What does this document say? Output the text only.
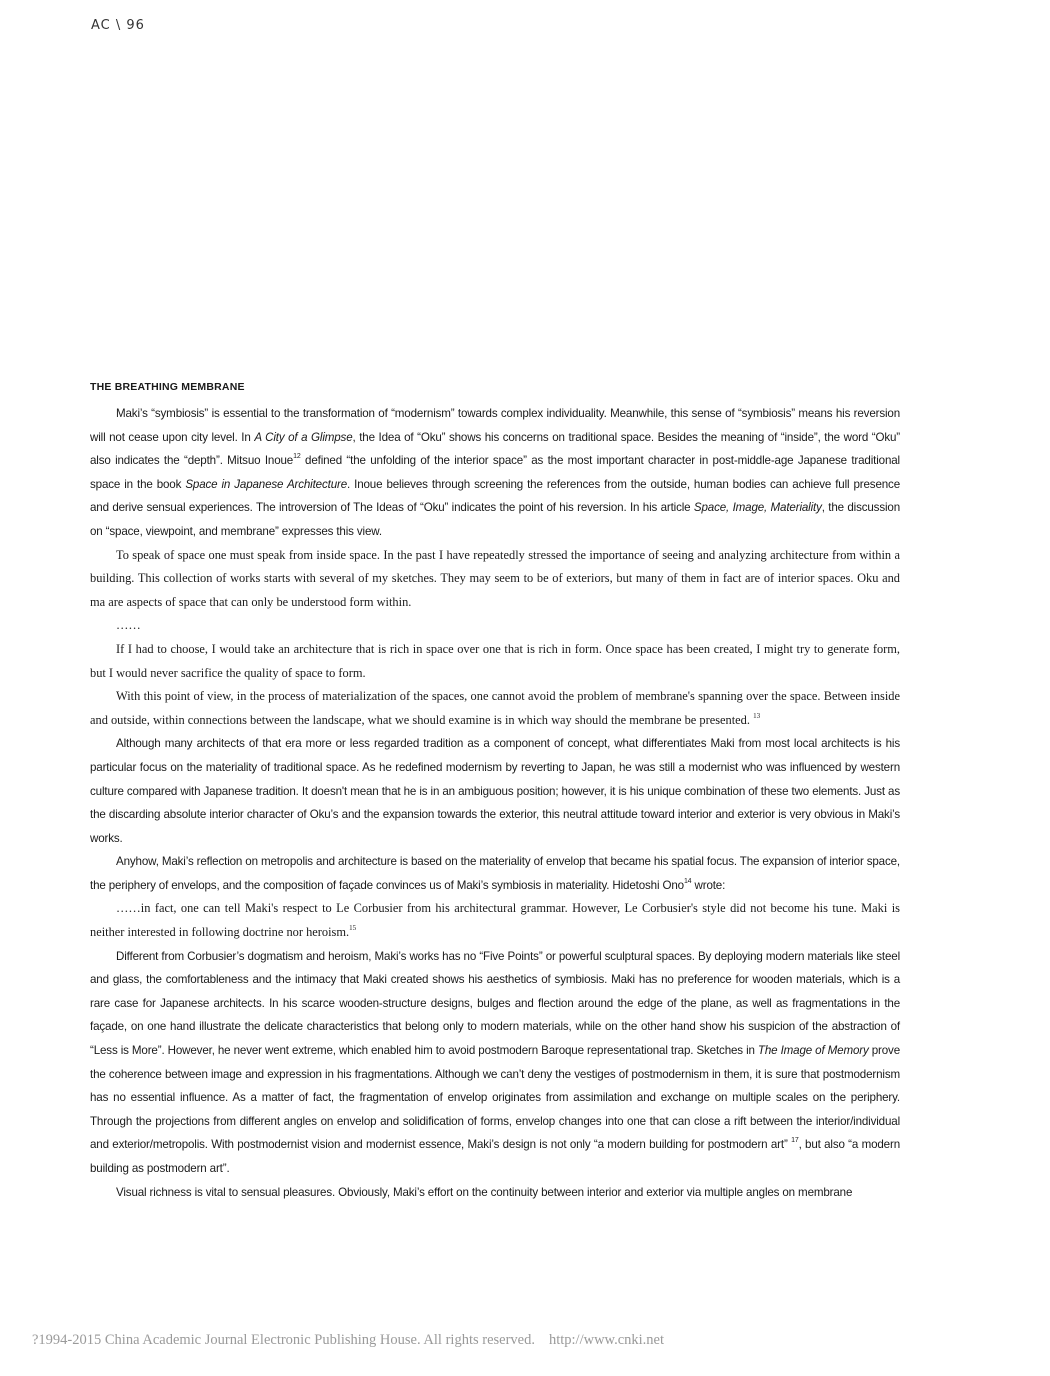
AC \ 96
THE BREATHING MEMBRANE

Maki’s “symbiosis” is essential to the transformation of “modernism” towards complex individuality. Meanwhile, this sense of “symbiosis” means his reversion will not cease upon city level. In A City of a Glimpse, the Idea of “Oku” shows his concerns on traditional space. Besides the meaning of “inside”, the word “Oku” also indicates the “depth”. Mitsuo Inoue$^{12}$ defined “the unfolding of the interior space” as the most important character in post-middle-age Japanese traditional space in the book Space in Japanese Architecture. Inoue believes through screening the references from the outside, human bodies can achieve full presence and derive sensual experiences. The introversion of The Ideas of “Oku” indicates the point of his reversion. In his article Space, Image, Materiality, the discussion on “space, viewpoint, and membrane” expresses this view.

To speak of space one must speak from inside space. In the past I have repeatedly stressed the importance of seeing and analyzing architecture from within a building. This collection of works starts with several of my sketches. They may seem to be of exteriors, but many of them in fact are of interior spaces. Oku and ma are aspects of space that can only be understood form within.

……

If I had to choose, I would take an architecture that is rich in space over one that is rich in form. Once space has been created, I might try to generate form, but I would never sacrifice the quality of space to form.

With this point of view, in the process of materialization of the spaces, one cannot avoid the problem of membrane's spanning over the space. Between inside and outside, within connections between the landscape, what we should examine is in which way should the membrane be presented. $^{13}$

Although many architects of that era more or less regarded tradition as a component of concept, what differentiates Maki from most local architects is his particular focus on the materiality of traditional space. As he redefined modernism by reverting to Japan, he was still a modernist who was influenced by western culture compared with Japanese tradition. It doesn't mean that he is in an ambiguous position; however, it is his unique combination of these two elements. Just as the discarding absolute interior character of Oku’s and the expansion towards the exterior, this neutral attitude toward interior and exterior is very obvious in Maki’s works.

Anyhow, Maki’s reflection on metropolis and architecture is based on the materiality of envelop that became his spatial focus. The expansion of interior space, the periphery of envelops, and the composition of façade convinces us of Maki’s symbiosis in materiality. Hidetoshi Ono$^{14}$ wrote:

……in fact, one can tell Maki's respect to Le Corbusier from his architectural grammar. However, Le Corbusier's style did not become his tune. Maki is neither interested in following doctrine nor heroism.$^{15}$

Different from Corbusier’s dogmatism and heroism, Maki’s works has no “Five Points” or powerful sculptural spaces. By deploying modern materials like steel and glass, the comfortableness and the intimacy that Maki created shows his aesthetics of symbiosis. Maki has no preference for wooden materials, which is a rare case for Japanese architects. In his scarce wooden-structure designs, bulges and flection around the edge of the plane, as well as fragmentations in the façade, on one hand illustrate the delicate characteristics that belong only to modern materials, while on the other hand show his suspicion of the abstraction of “Less is More”. However, he never went extreme, which enabled him to avoid postmodern Baroque representational trap. Sketches in The Image of Memory prove the coherence between image and expression in his fragmentations. Although we can’t deny the vestiges of postmodernism in them, it is sure that postmodernism has no essential influence. As a matter of fact, the fragmentation of envelop originates from assimilation and exchange on multiple scales on the periphery. Through the projections from different angles on envelop and solidification of forms, envelop changes into one that can close a rift between the interior/individual and exterior/metropolis. With postmodernist vision and modernist essence, Maki’s design is not only “a modern building for postmodern art” $^{17}$, but also “a modern building as postmodern art”.

Visual richness is vital to sensual pleasures. Obviously, Maki’s effort on the continuity between interior and exterior via multiple angles on membrane

?1994-2015 China Academic Journal Electronic Publishing House. All rights reserved. http://www.cnki.net
